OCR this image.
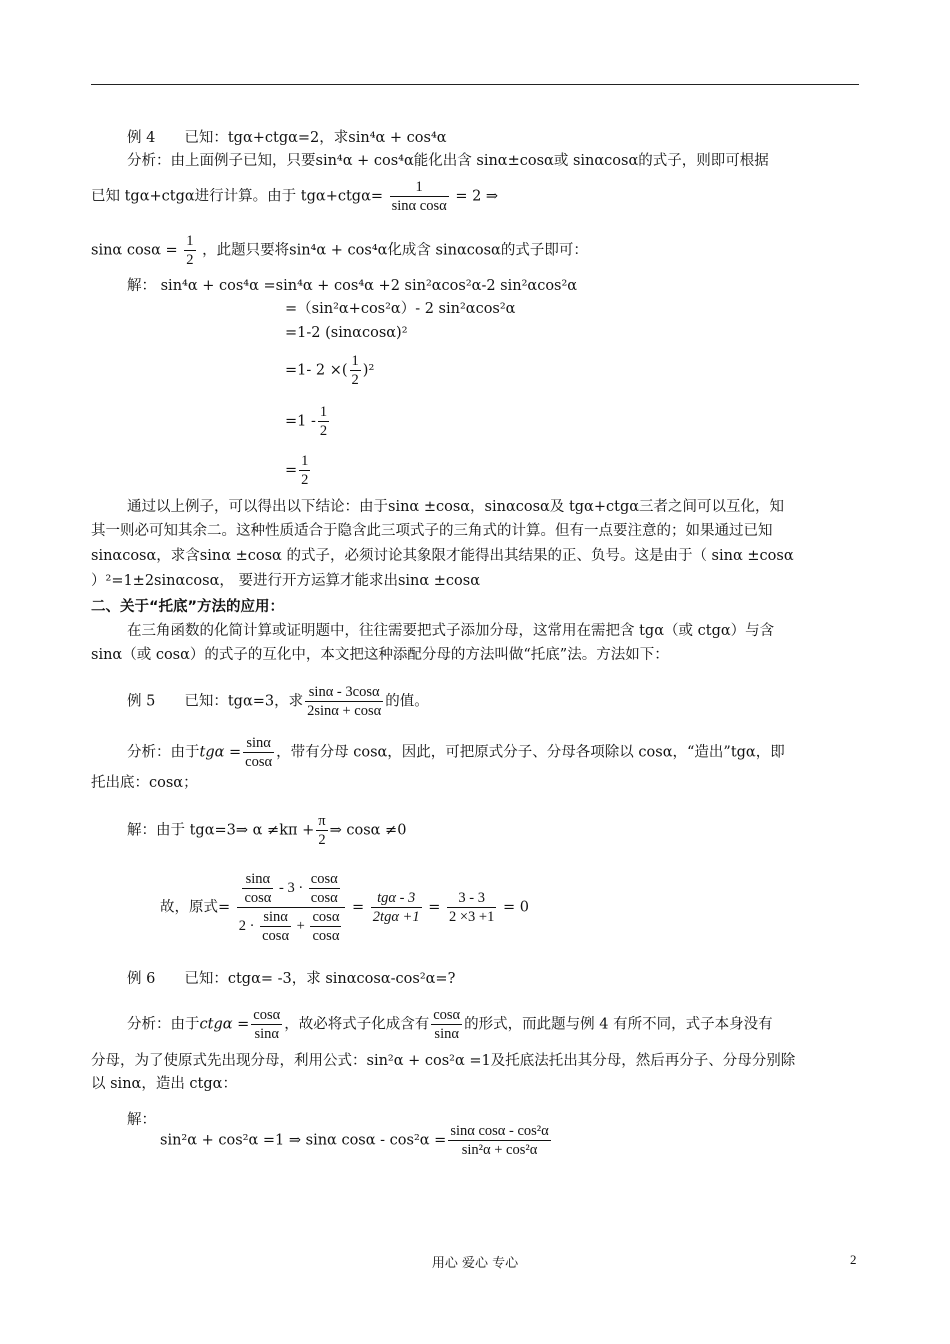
例 4　　已知：tgα+ctgα=2，求sin⁴α + cos⁴α
分析：由上面例子已知，只要sin⁴α + cos⁴α能化出含 sinα±cosα或 sinαcosα的式子，则即可根据
已知 tgα+ctgα进行计算。由于 $tg\alpha+ctg\alpha= \frac{1}{\text{sinα cosα}} = 2$ ⇒
sinα $\cos\alpha = \frac{1}{2}$ ，此题只要将sin⁴α + cos⁴α化成含 sinαcosα的式子即可：
解： sin⁴α + cos⁴α =sin⁴α + cos⁴α +2 sin²αcos²α-2 sin²αcos²α
=（sin²α+cos²α）- 2 sin²αcos²α
=1-2 (sinαcosα)²
=1- 2 ×( $\frac{1}{2} )^2$
$=1 - \frac{1}{2}$
= $\frac{1}{2}$
通过以上例子，可以得出以下结论：由于sinα ±cosα，sinαcosα及 tgα+ctgα三者之间可以互化，知
其一则必可知其余二。这种性质适合于隐含此三项式子的三角式的计算。但有一点要注意的；如果通过已知
sinαcosα，求含sinα ±cosα 的式子，必须讨论其象限才能得出其结果的正、负号。这是由于（ sinα ±cosα
）²=1±2sinαcosα， 要进行开方运算才能求出sinα ±cosα
二、关于“托底”方法的应用：
在三角函数的化简计算或证明题中，往往需要把式子添加分母，这常用在需把含 tgα（或 ctgα）与含
sinα（或 cosα）的式子的互化中，本文把这种添配分母的方法叫做“托底”法。方法如下：
例 5　　已知：tgα=3，求 $\frac{\sin\alpha - 3\cos\alpha}{2\sin\alpha + \cos\alpha}$ 的值。
分析：由于$tg\alpha = \frac{\sin\alpha}{\cos\alpha}$ ，带有分母 cosα，因此，可把原式分子、分母各项除以 cosα，“造出”tgα，即
托出底：cosα；
解：由于 tgα=3⇒ $\alpha \ne k\pi + \frac{\pi}{2}$ ⇒ cosα ≠0
故，原式= $\frac{\frac{\sin\alpha}{\cos\alpha} - 3 \cdot \frac{\cos\alpha}{\cos\alpha}}{2 \cdot \frac{\sin\alpha}{\cos\alpha} + \frac{\cos\alpha}{\cos\alpha}}$ =
tgα - 3
2tgα +1
= $\frac{3 - 3}{2 \times 3 +1} = 0$
例 6　　已知：ctgα= -3，求 sinαcosα-cos²α=?
分析：由于$ctg\alpha = \frac{\cos\alpha}{\sin\alpha}$ ，故必将式子化成含有 $\frac{\cos\alpha}{\sin\alpha}$ 的形式，而此题与例 4 有所不同，式子本身没有
分母，为了使原式先出现分母，利用公式：sin²α + cos²α =1及托底法托出其分母，然后再分子、分母分别除
以 sinα，造出 ctgα：
解：
sin²α + cos²α =1 ⇒ sinα $\cos\alpha - \cos^2\alpha = \frac{\text{sinα cosα - cos²α}}{\text{sin²α + cos²α}}$
用心 爱心 专心	2
